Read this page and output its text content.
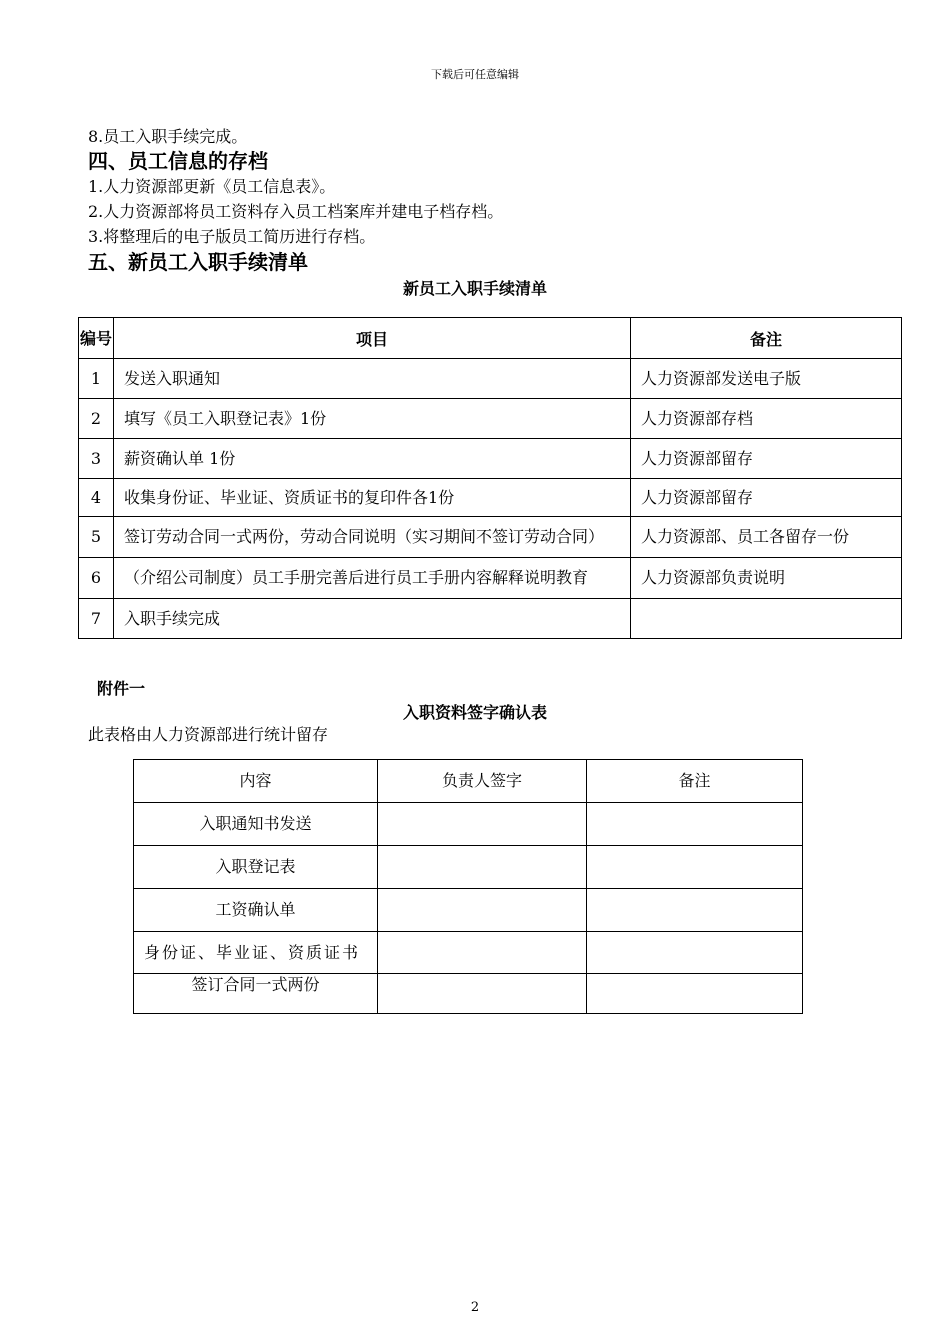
下载后可任意编辑
8.员工入职手续完成。
四、员工信息的存档
1.人力资源部更新《员工信息表》。
2.人力资源部将员工资料存入员工档案库并建电子档存档。
3.将整理后的电子版员工简历进行存档。
五、新员工入职手续清单
新员工入职手续清单
编号	项目	备注
1	发送入职通知	人力资源部发送电子版
2	填写《员工入职登记表》1份	人力资源部存档
3	薪资确认单 1份	人力资源部留存
4	收集身份证、毕业证、资质证书的复印件各1份	人力资源部留存
5	签订劳动合同一式两份，劳动合同说明（实习期间不签订劳动合同）	人力资源部、员工各留存一份
6	（介绍公司制度）员工手册完善后进行员工手册内容解释说明教育	人力资源部负责说明
7	入职手续完成	
附件一
入职资料签字确认表
此表格由人力资源部进行统计留存
内容	负责人签字	备注
入职通知书发送		
入职登记表		
工资确认单		
身份证、毕业证、资质证书		
签订合同一式两份		
2
